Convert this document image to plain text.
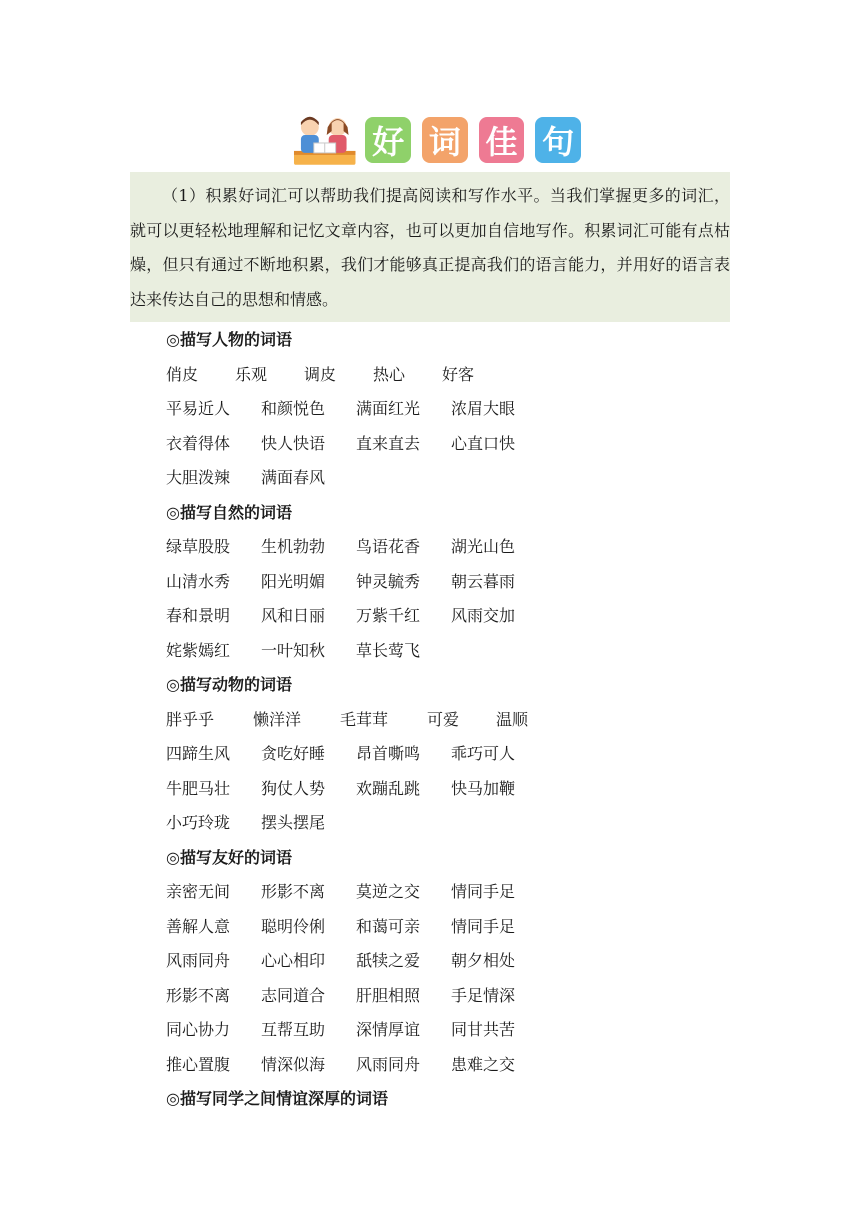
好 词 佳 句

（1）积累好词汇可以帮助我们提高阅读和写作水平。当我们掌握更多的词汇，就可以更轻松地理解和记忆文章内容，也可以更加自信地写作。积累词汇可能有点枯燥，但只有通过不断地积累，我们才能够真正提高我们的语言能力，并用好的语言表达来传达自己的思想和情感。

◎描写人物的词语
俏皮 乐观 调皮 热心 好客
平易近人 和颜悦色 满面红光 浓眉大眼
衣着得体 快人快语 直来直去 心直口快
大胆泼辣 满面春风
◎描写自然的词语
绿草股股 生机勃勃 鸟语花香 湖光山色
山清水秀 阳光明媚 钟灵毓秀 朝云暮雨
春和景明 风和日丽 万紫千红 风雨交加
姹紫嫣红 一叶知秋 草长莺飞
◎描写动物的词语
胖乎乎 懒洋洋 毛茸茸 可爱 温顺
四蹄生风 贪吃好睡 昂首嘶鸣 乖巧可人
牛肥马壮 狗仗人势 欢蹦乱跳 快马加鞭
小巧玲珑 摆头摆尾
◎描写友好的词语
亲密无间 形影不离 莫逆之交 情同手足
善解人意 聪明伶俐 和蔼可亲 情同手足
风雨同舟 心心相印 舐犊之爱 朝夕相处
形影不离 志同道合 肝胆相照 手足情深
同心协力 互帮互助 深情厚谊 同甘共苦
推心置腹 情深似海 风雨同舟 患难之交
◎描写同学之间情谊深厚的词语
